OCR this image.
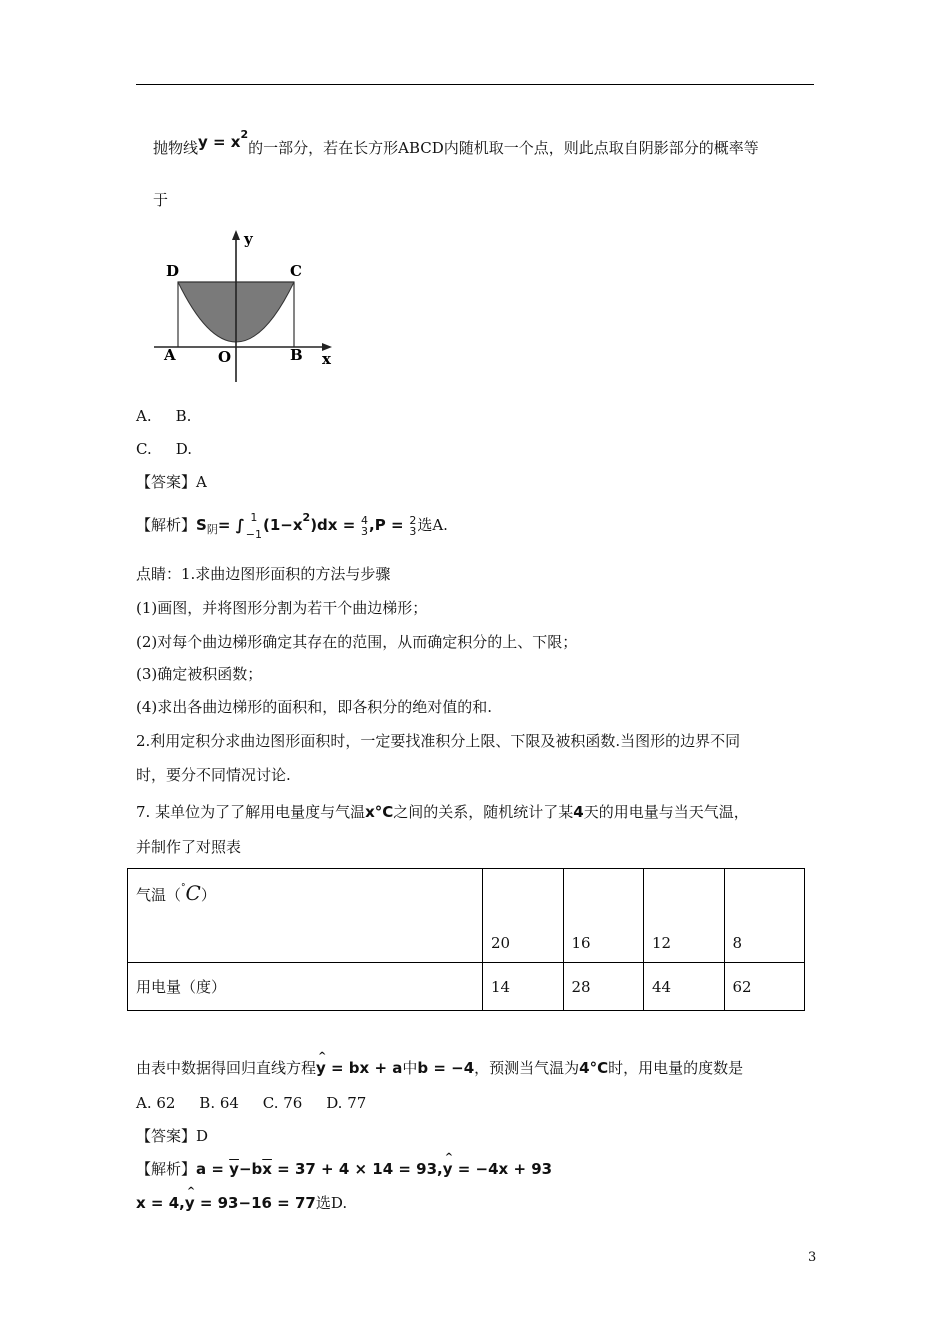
抛物线$y = x^2$的一部分，若在长方形ABCD内随机取一个点，则此点取自阴影部分的概率等
于
y
D	C
A	O	B x
A. B.
C. D.
【答案】A
【解析】$S_阴=$ ∫ 1
−1
$(1-x^2)dx = 4$
3 ,P = 2
3 选A.
点睛：1.求曲边图形面积的方法与步骤
(1)画图，并将图形分割为若干个曲边梯形；
(2)对每个曲边梯形确定其存在的范围，从而确定积分的上、下限；
(3)确定被积函数；
(4)求出各曲边梯形的面积和，即各积分的绝对值的和.
2.利用定积分求曲边图形面积时，一定要找准积分上限、下限及被积函数.当图形的边界不同
时，要分不同情况讨论.
7. 某单位为了了解用电量度与气温x°C之间的关系，随机统计了某4天的用电量与当天气温，
并制作了对照表
气温（°C）	20	16	12	8
用电量（度）	14	28	44	62
由表中数据得回归直线方程^ y = bx + a中b = −4，预测当气温为4°C时，用电量的度数是
A. 62     B. 64     C. 76     D. 77
【答案】D
【解析】$a = \overline{y}-b\overline{x} = 37 + 4 \times 14$ = 93,^ y = −4x + 93
x = 4,^ y = 93−16 = 77选D.
3
